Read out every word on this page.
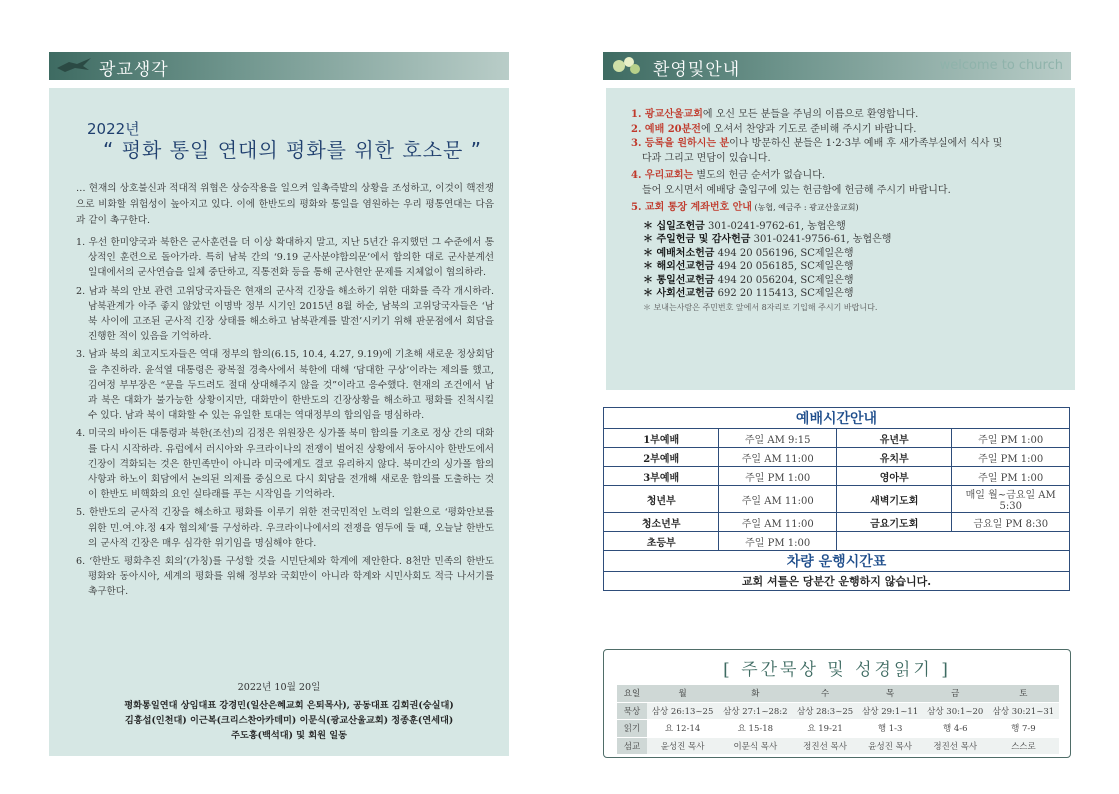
광교생각
2022년
“ 평화 통일 연대의 평화를 위한 호소문 ”
… 현재의 상호불신과 적대적 위협은 상승작용을 일으켜 일촉즉발의 상황을 조성하고, 이것이 핵전쟁으로 비화할 위험성이 높아지고 있다. 이에 한반도의 평화와 통일을 염원하는 우리 평통연대는 다음과 같이 촉구한다.
1. 우선 한미양국과 북한은 군사훈련을 더 이상 확대하지 말고, 지난 5년간 유지했던 그 수준에서 통상적인 훈련으로 돌아가라. 특히 남북 간의 ‘9.19 군사분야합의문’에서 합의한 대로 군사분계선 일대에서의 군사연습을 일체 중단하고, 직통전화 등을 통해 군사현안 문제를 지체없이 협의하라.
2. 남과 북의 안보 관련 고위당국자들은 현재의 군사적 긴장을 해소하기 위한 대화를 즉각 개시하라. 남북관계가 아주 좋지 않았던 이명박 정부 시기인 2015년 8월 하순, 남북의 고위당국자들은 ‘남북 사이에 고조된 군사적 긴장 상태를 해소하고 남북관계를 발전’시키기 위해 판문점에서 회담을 진행한 적이 있음을 기억하라.
3. 남과 북의 최고지도자들은 역대 정부의 합의(6.15, 10.4, 4.27, 9.19)에 기초해 새로운 정상회담을 추진하라. 윤석열 대통령은 광복절 경축사에서 북한에 대해 ‘담대한 구상’이라는 제의를 했고, 김여정 부부장은 “문을 두드려도 절대 상대해주지 않을 것”이라고 응수했다. 현재의 조건에서 남과 북은 대화가 불가능한 상황이지만, 대화만이 한반도의 긴장상황을 해소하고 평화를 진척시킬 수 있다. 남과 북이 대화할 수 있는 유일한 토대는 역대정부의 합의임을 명심하라.
4. 미국의 바이든 대통령과 북한(조선)의 김정은 위원장은 싱가폴 북미 합의를 기초로 정상 간의 대화를 다시 시작하라. 유럽에서 러시아와 우크라이나의 전쟁이 벌어진 상황에서 동아시아 한반도에서 긴장이 격화되는 것은 한민족만이 아니라 미국에게도 결코 유리하지 않다. 북미간의 싱가폴 합의 사항과 하노이 회담에서 논의된 의제를 중심으로 다시 회담을 전개해 새로운 합의를 도출하는 것이 한반도 비핵화의 요인 실타래를 푸는 시작임을 기억하라.
5. 한반도의 군사적 긴장을 해소하고 평화를 이루기 위한 전국민적인 노력의 일환으로 ‘평화안보를 위한 민.여.야.정 4자 협의체’를 구성하라. 우크라이나에서의 전쟁을 염두에 둘 때, 오늘날 한반도의 군사적 긴장은 매우 심각한 위기임을 명심해야 한다.
6. ‘한반도 평화추진 회의’(가칭)를 구성할 것을 시민단체와 학계에 제안한다. 8천만 민족의 한반도 평화와 동아시아, 세계의 평화를 위해 정부와 국회만이 아니라 학계와 시민사회도 적극 나서기를 촉구한다.
2022년 10월 20일
평화통일연대 상임대표 강경민(일산은혜교회 은퇴목사), 공동대표 김회권(숭실대)
김흥섭(인천대) 이근복(크리스찬아카데미) 이문식(광교산울교회) 정종훈(연세대)
주도홍(백석대) 및 회원 일동
환영및안내	welcome to church
1. 광교산울교회에 오신 모든 분들을 주님의 이름으로 환영합니다.
2. 예배 20분전에 오셔서 찬양과 기도로 준비해 주시기 바랍니다.
3. 등록을 원하시는 분이나 방문하신 분들은 1·2·3부 예배 후 새가족부실에서 식사 및
다과 그리고 면담이 있습니다.
4. 우리교회는 별도의 헌금 순서가 없습니다.
들어 오시면서 예배당 출입구에 있는 헌금함에 헌금해 주시기 바랍니다.
5. 교회 통장 계좌번호 안내 (농협, 예금주 : 광교산울교회)
＊ 십일조헌금 301-0241-9762-61, 농협은행
＊ 주일헌금 및 감사헌금 301-0241-9756-61, 농협은행
＊ 예배처소헌금 494 20 056196, SC제일은행
＊ 해외선교헌금 494 20 056185, SC제일은행
＊ 통일선교헌금 494 20 056204, SC제일은행
＊ 사회선교헌금 692 20 115413, SC제일은행
＊ 보내는사람은 주민번호 앞에서 8자리로 기입해 주시기 바랍니다.
예배시간안내			
1부예배	주일 AM 9:15	유년부	주일 PM 1:00
2부예배	주일 AM 11:00	유치부	주일 PM 1:00
3부예배	주일 PM 1:00	영아부	주일 PM 1:00
청년부	주일 AM 11:00	새벽기도회	매일 월~금요일 AM 5:30
청소년부	주일 AM 11:00	금요기도회	금요일 PM 8:30
초등부	주일 PM 1:00		
차량 운행시간표			
교회 셔틀은 당분간 운행하지 않습니다.			
[ 주간묵상 및 성경읽기 ]
요일	월	화	수	목	금	토
묵상	삼상 26:13~25	삼상 27:1~28:2	삼상 28:3~25	삼상 29:1~11	삼상 30:1~20	삼상 30:21~31
읽기	요 12-14	요 15-18	요 19-21	행 1-3	행 4-6	행 7-9
섬교	윤성진 목사	이문식 목사	정진선 목사	윤성진 목사	정진선 목사	스스로
